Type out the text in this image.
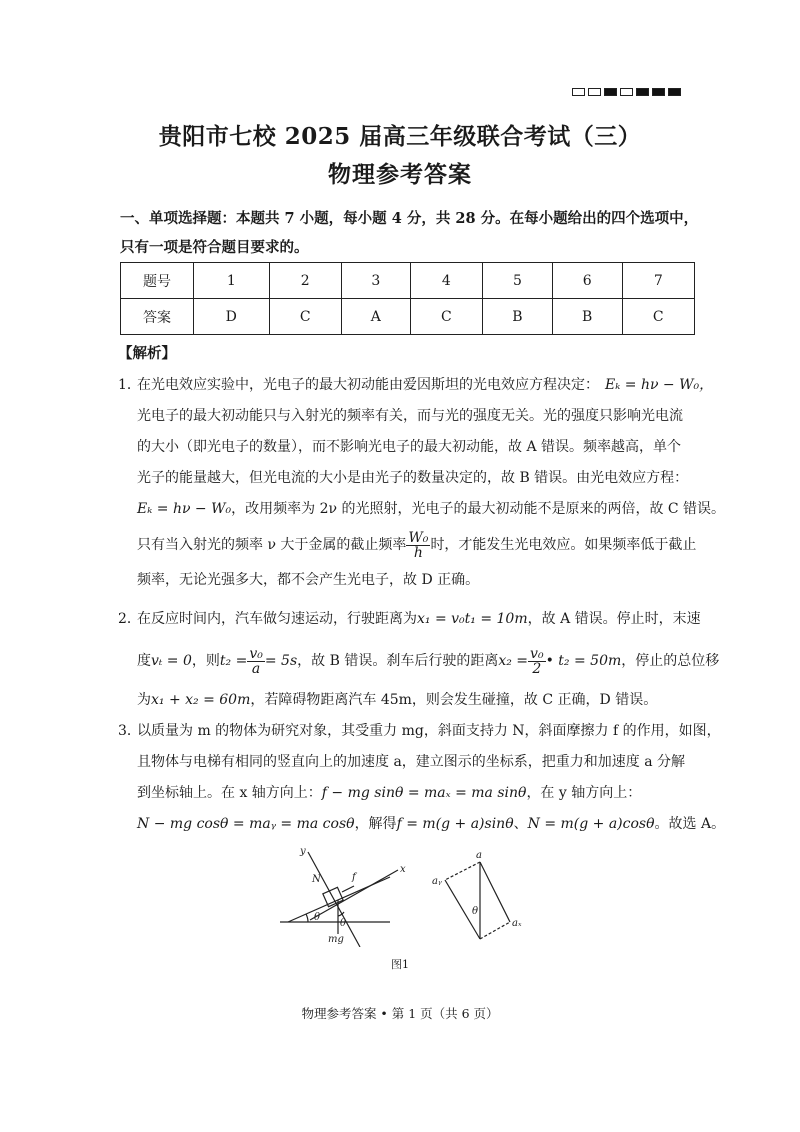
贵阳市七校 2025 届高三年级联合考试（三）
物理参考答案
一、单项选择题：本题共 7 小题，每小题 4 分，共 28 分。在每小题给出的四个选项中，只有一项是符合题目要求的。
题号	1	2	3	4	5	6	7
答案	D	C	A	C	B	B	C
【解析】
1．
在光电效应实验中，光电子的最大初动能由爱因斯坦的光电效应方程决定： Eₖ = hν − W₀，
光电子的最大初动能只与入射光的频率有关，而与光的强度无关。光的强度只影响光电流
的大小（即光电子的数量），而不影响光电子的最大初动能，故 A 错误。频率越高，单个
光子的能量越大，但光电流的大小是由光子的数量决定的，故 B 错误。由光电效应方程：
Eₖ = hν − W₀，改用频率为 2ν 的光照射，光电子的最大初动能不是原来的两倍，故 C 错误。
只有当入射光的频率 ν 大于金属的截止频率 $\frac{\text{W₀}}{h}$ 时，才能发生光电效应。如果频率低于截止
频率，无论光强多大，都不会产生光电子，故 D 正确。
2．
在反应时间内，汽车做匀速运动，行驶距离为x₁ = v₀t₁ = 10m，故 A 错误。停止时，末速
度vₜ = 0，则$t_2 = \frac{\text{v₀}}{a} = 5s$，故 B 错误。刹车后行驶的距离$x_2 = \frac{\text{v₀}}{2}$ • t₂ = 50m，停止的总位移
为x₁ + x₂ = 60m，若障碍物距离汽车 45m，则会发生碰撞，故 C 正确，D 错误。
3．
以质量为 m 的物体为研究对象，其受重力 mg，斜面支持力 N，斜面摩擦力 f 的作用，如图，
且物体与电梯有相同的竖直向上的加速度 a，建立图示的坐标系，把重力和加速度 a 分解
到坐标轴上。在 x 轴方向上：f − mg sinθ = maₓ = ma sinθ，在 y 轴方向上：
N − mg cosθ = maᵧ = ma cosθ，解得f = m(g + a)sinθ、N = m(g + a)cosθ。故选 A。
y
x
N	f
θ
θ
mg
a
aᵧ
θ
aₓ
图1
物理参考答案 • 第 1 页（共 6 页）
